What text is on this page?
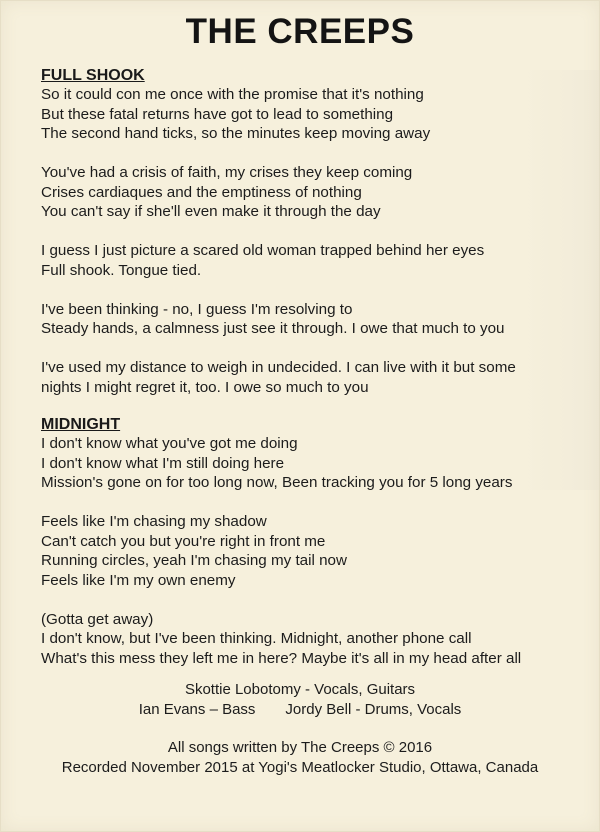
THE CREEPS
FULL SHOOK
So it could con me once with the promise that it's nothing
But these fatal returns have got to lead to something
The second hand ticks, so the minutes keep moving away
You've had a crisis of faith, my crises they keep coming
Crises cardiaques and the emptiness of nothing
You can't say if she'll even make it through the day
I guess I just picture a scared old woman trapped behind her eyes
Full shook. Tongue tied.
I've been thinking - no, I guess I'm resolving to
Steady hands, a calmness just see it through. I owe that much to you
I've used my distance to weigh in undecided. I can live with it but some
nights I might regret it, too. I owe so much to you
MIDNIGHT
I don't know what you've got me doing
I don't know what I'm still doing here
Mission's gone on for too long now, Been tracking you for 5 long years
Feels like I'm chasing my shadow
Can't catch you but you're right in front me
Running circles, yeah I'm chasing my tail now
Feels like I'm my own enemy
(Gotta get away)
I don't know, but I've been thinking. Midnight, another phone call
What's this mess they left me in here? Maybe it's all in my head after all
Skottie Lobotomy - Vocals, Guitars
Ian Evans – Bass Jordy Bell - Drums, Vocals
All songs written by The Creeps © 2016
Recorded November 2015 at Yogi's Meatlocker Studio, Ottawa, Canada
